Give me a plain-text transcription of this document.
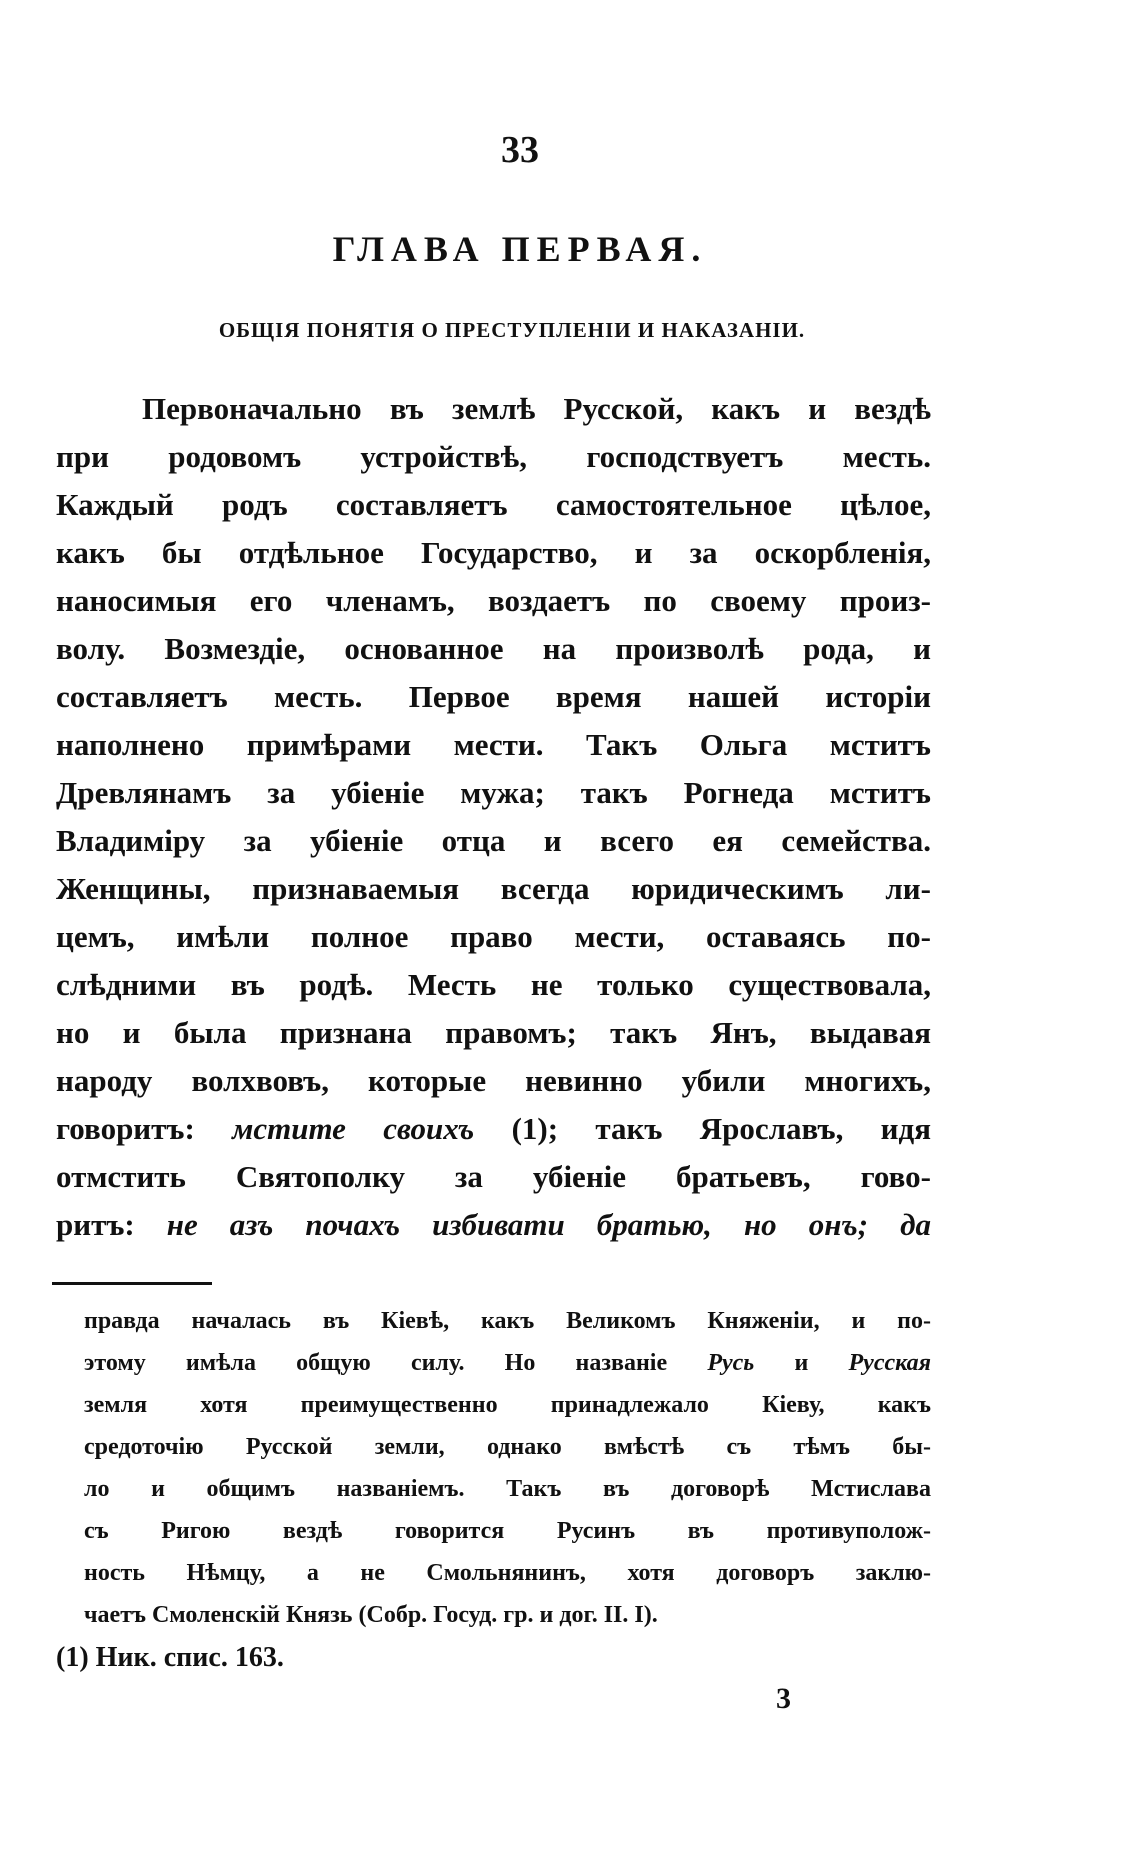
33
ГЛАВА ПЕРВАЯ.
ОБЩІЯ ПОНЯТІЯ О ПРЕСТУПЛЕНІИ И НАКАЗАНІИ.
Первоначально въ землѣ Русской, какъ и вездѣ
при родовомъ устройствѣ, господствуетъ месть.
Каждый родъ составляетъ самостоятельное цѣлое,
какъ бы отдѣльное Государство, и за оскорбленія,
наносимыя его членамъ, воздаетъ по своему произ-
волу. Возмездіе, основанное на произволѣ рода, и
составляетъ месть. Первое время нашей исторіи
наполнено примѣрами мести. Такъ Ольга мститъ
Древлянамъ за убіеніе мужа; такъ Рогнеда мститъ
Владиміру за убіеніе отца и всего ея семейства.
Женщины, признаваемыя всегда юридическимъ ли-
цемъ, имѣли полное право мести, оставаясь по-
слѣдними въ родѣ. Месть не только существовала,
но и была признана правомъ; такъ Янъ, выдавая
народу волхвовъ, которые невинно убили многихъ,
говоритъ: мстите своихъ (1); такъ Ярославъ, идя
отмстить Святополку за убіеніе братьевъ, гово-
ритъ: не азъ почахъ избивати братью, но онъ; да
правда началась въ Кіевѣ, какъ Великомъ Княженіи, и по-
этому имѣла общую силу. Но названіе Русь и Русская
земля хотя преимущественно принадлежало Кіеву, какъ
средоточію Русской земли, однако вмѣстѣ съ тѣмъ бы-
ло и общимъ названіемъ. Такъ въ договорѣ Мстислава
съ Ригою вездѣ говорится Русинъ въ противуполож-
ность Нѣмцу, а не Смольнянинъ, хотя договоръ заклю-
чаетъ Смоленскій Князь (Собр. Госуд. гр. и дог. II. I).
(1) Ник. спис. 163.
3
